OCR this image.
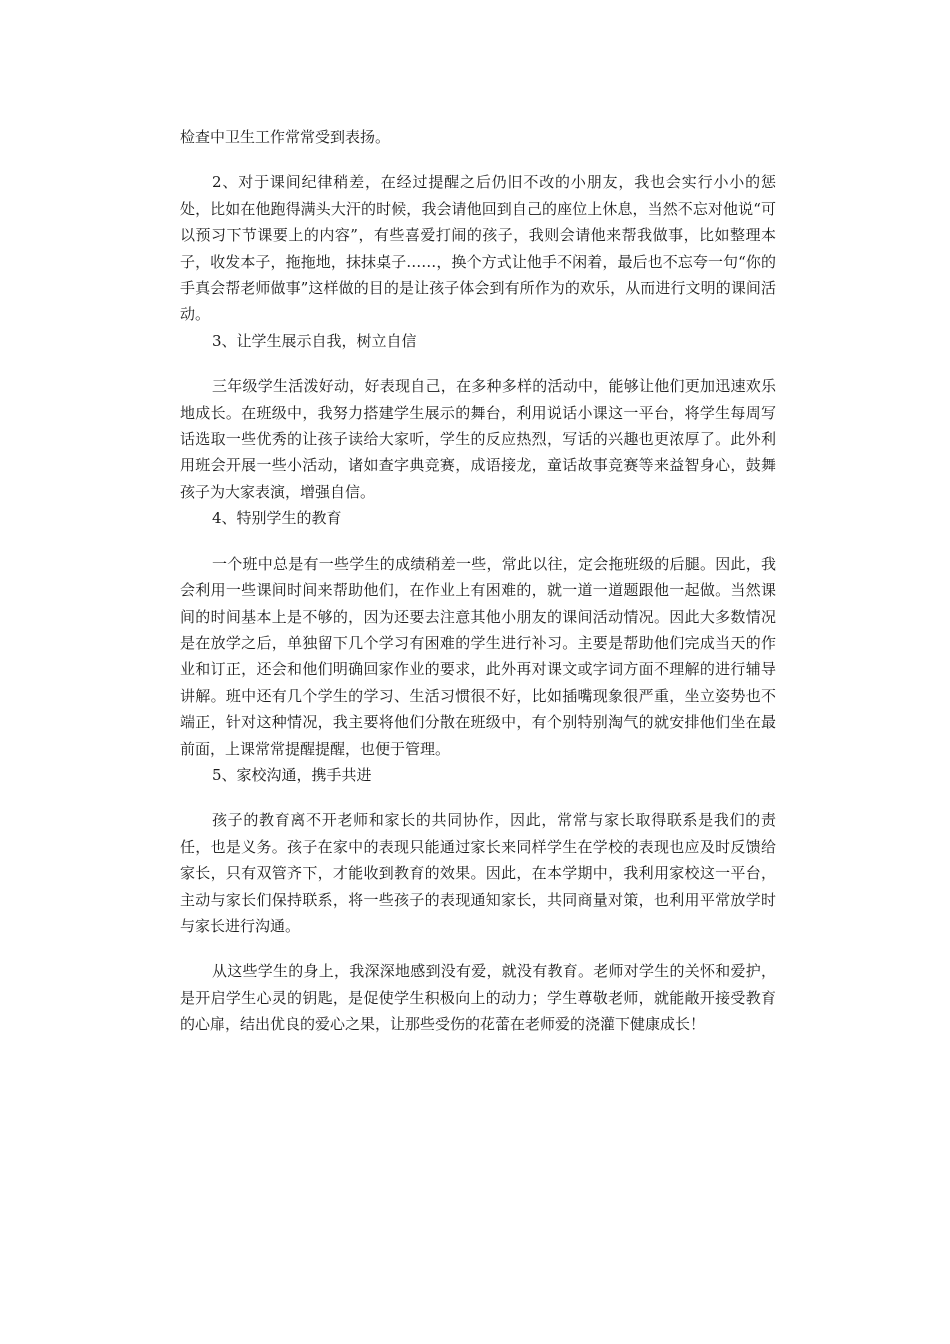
检查中卫生工作常常受到表扬。

2、对于课间纪律稍差，在经过提醒之后仍旧不改的小朋友，我也会实行小小的惩处，比如在他跑得满头大汗的时候，我会请他回到自己的座位上休息，当然不忘对他说“可以预习下节课要上的内容”，有些喜爱打闹的孩子，我则会请他来帮我做事，比如整理本子，收发本子，拖拖地，抹抹桌子……，换个方式让他手不闲着，最后也不忘夸一句“你的手真会帮老师做事”这样做的目的是让孩子体会到有所作为的欢乐，从而进行文明的课间活动。

3、让学生展示自我，树立自信

三年级学生活泼好动，好表现自己，在多种多样的活动中，能够让他们更加迅速欢乐地成长。在班级中，我努力搭建学生展示的舞台，利用说话小课这一平台，将学生每周写话选取一些优秀的让孩子读给大家听，学生的反应热烈，写话的兴趣也更浓厚了。此外利用班会开展一些小活动，诸如查字典竞赛，成语接龙，童话故事竞赛等来益智身心，鼓舞孩子为大家表演，增强自信。

4、特别学生的教育

一个班中总是有一些学生的成绩稍差一些，常此以往，定会拖班级的后腿。因此，我会利用一些课间时间来帮助他们，在作业上有困难的，就一道一道题跟他一起做。当然课间的时间基本上是不够的，因为还要去注意其他小朋友的课间活动情况。因此大多数情况是在放学之后，单独留下几个学习有困难的学生进行补习。主要是帮助他们完成当天的作业和订正，还会和他们明确回家作业的要求，此外再对课文或字词方面不理解的进行辅导讲解。班中还有几个学生的学习、生活习惯很不好，比如插嘴现象很严重，坐立姿势也不端正，针对这种情况，我主要将他们分散在班级中，有个别特别淘气的就安排他们坐在最前面，上课常常提醒提醒，也便于管理。

5、家校沟通，携手共进

孩子的教育离不开老师和家长的共同协作，因此，常常与家长取得联系是我们的责任，也是义务。孩子在家中的表现只能通过家长来同样学生在学校的表现也应及时反馈给家长，只有双管齐下，才能收到教育的效果。因此，在本学期中，我利用家校这一平台，主动与家长们保持联系，将一些孩子的表现通知家长，共同商量对策，也利用平常放学时与家长进行沟通。

从这些学生的身上，我深深地感到没有爱，就没有教育。老师对学生的关怀和爱护，是开启学生心灵的钥匙，是促使学生积极向上的动力；学生尊敬老师，就能敞开接受教育的心扉，结出优良的爱心之果，让那些受伤的花蕾在老师爱的浇灌下健康成长！
